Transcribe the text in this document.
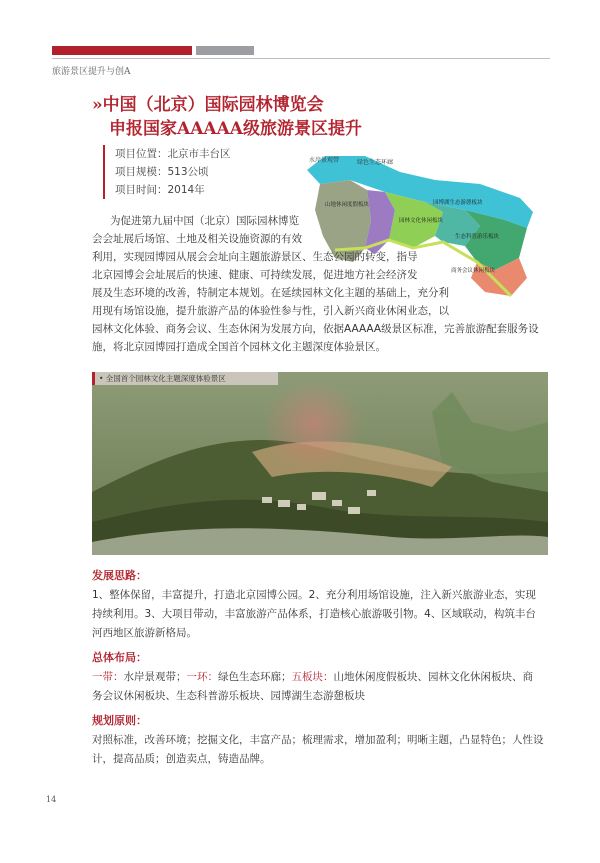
旅游景区提升与创A
»中国（北京）国际园林博览会
申报国家AAAAA级旅游景区提升
项目位置：北京市丰台区
项目规模：513公顷
项目时间：2014年
水岸景观带	绿色生态环廊
山地休闲度假板块
园林文化休闲板块
园博湖生态游憩板块
生态科普游乐板块
商务会议休闲板块
为促进第九届中国（北京）国际园林博览
会会址展后场馆、土地及相关设施资源的有效
利用，实现园博园从展会会址向主题旅游景区、生态公园的转变，指导
北京园博会会址展后的快速、健康、可持续发展，促进地方社会经济发
展及生态环境的改善，特制定本规划。在延续园林文化主题的基础上，充分利
用现有场馆设施，提升旅游产品的体验性参与性，引入新兴商业休闲业态，以
园林文化体验、商务会议、生态休闲为发展方向，依据AAAAA级景区标准，完善旅游配套服务设
施，将北京园博园打造成全国首个园林文化主题深度体验景区。
• 全国首个园林文化主题深度体验景区
发展思路：
1、整体保留，丰富提升，打造北京园博公园。2、充分利用场馆设施，注入新兴旅游业态，实现
持续利用。3、大项目带动，丰富旅游产品体系，打造核心旅游吸引物。4、区域联动，构筑丰台
河西地区旅游新格局。
总体布局：
一带：水岸景观带；一环：绿色生态环廊；五板块：山地休闲度假板块、园林文化休闲板块、商
务会议休闲板块、生态科普游乐板块、园博湖生态游憩板块
规划原则：
对照标准，改善环境；挖掘文化，丰富产品；梳理需求，增加盈利；明晰主题，凸显特色；人性设
计，提高品质；创造卖点，铸造品牌。
14
